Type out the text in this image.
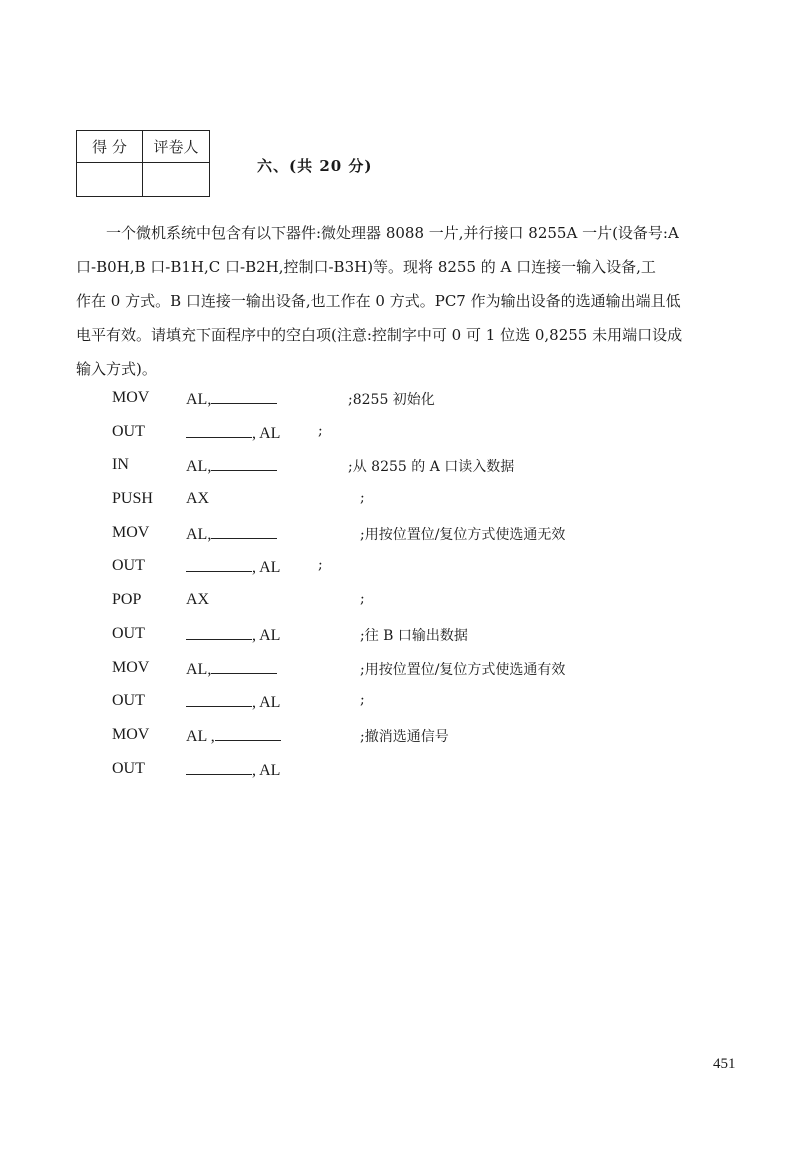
得 分	评卷人

六、(共 20 分)
一个微机系统中包含有以下器件:微处理器 8088 一片,并行接口 8255A 一片(设备号:A
口-B0H,B 口-B1H,C 口-B2H,控制口-B3H)等。现将 8255 的 A 口连接一输入设备,工
作在 0 方式。B 口连接一输出设备,也工作在 0 方式。PC7 作为输出设备的选通输出端且低
电平有效。请填充下面程序中的空白项(注意:控制字中可 0 可 1 位选 0,8255 未用端口设成
输入方式)。
MOV AL,	;8255 初始化
OUT	, AL	;
IN	AL,	;从 8255 的 A 口读入数据
PUSH AX	;
MOV AL,	;用按位置位/复位方式使选通无效
OUT	, AL	;
POP	AX	;
OUT	, AL	;往 B 口输出数据
MOV AL,	;用按位置位/复位方式使选通有效
OUT	, AL	;
MOV AL ,	;撤消选通信号
OUT	, AL
451
